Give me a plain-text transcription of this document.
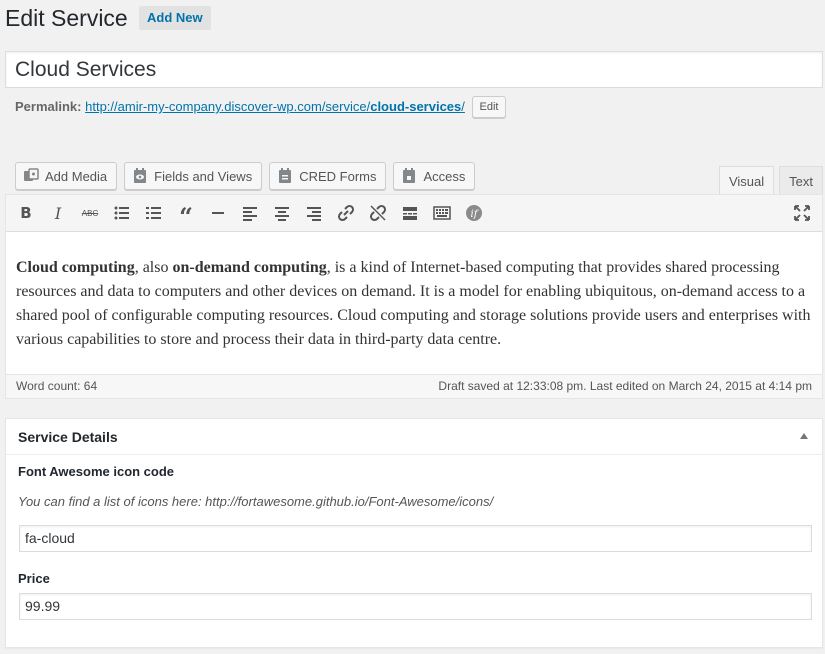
Edit Service	Add New
Cloud Services
Permalink: http://amir-my-company.discover-wp.com/service/cloud-services/ Edit
Add Media	Fields and Views	CRED Forms	Access	Visual	Text
B	I	ABC	“	if
Cloud computing, also on-demand computing, is a kind of Internet-based computing that provides shared processing resources and data to computers and other devices on demand. It is a model for enabling ubiquitous, on-demand access to a shared pool of configurable computing resources. Cloud computing and storage solutions provide users and enterprises with various capabilities to store and process their data in third-party data centre.
Word count: 64	Draft saved at 12:33:08 pm. Last edited on March 24, 2015 at 4:14 pm
Service Details
Font Awesome icon code
You can find a list of icons here: http://fortawesome.github.io/Font-Awesome/icons/
fa-cloud
Price
99.99
